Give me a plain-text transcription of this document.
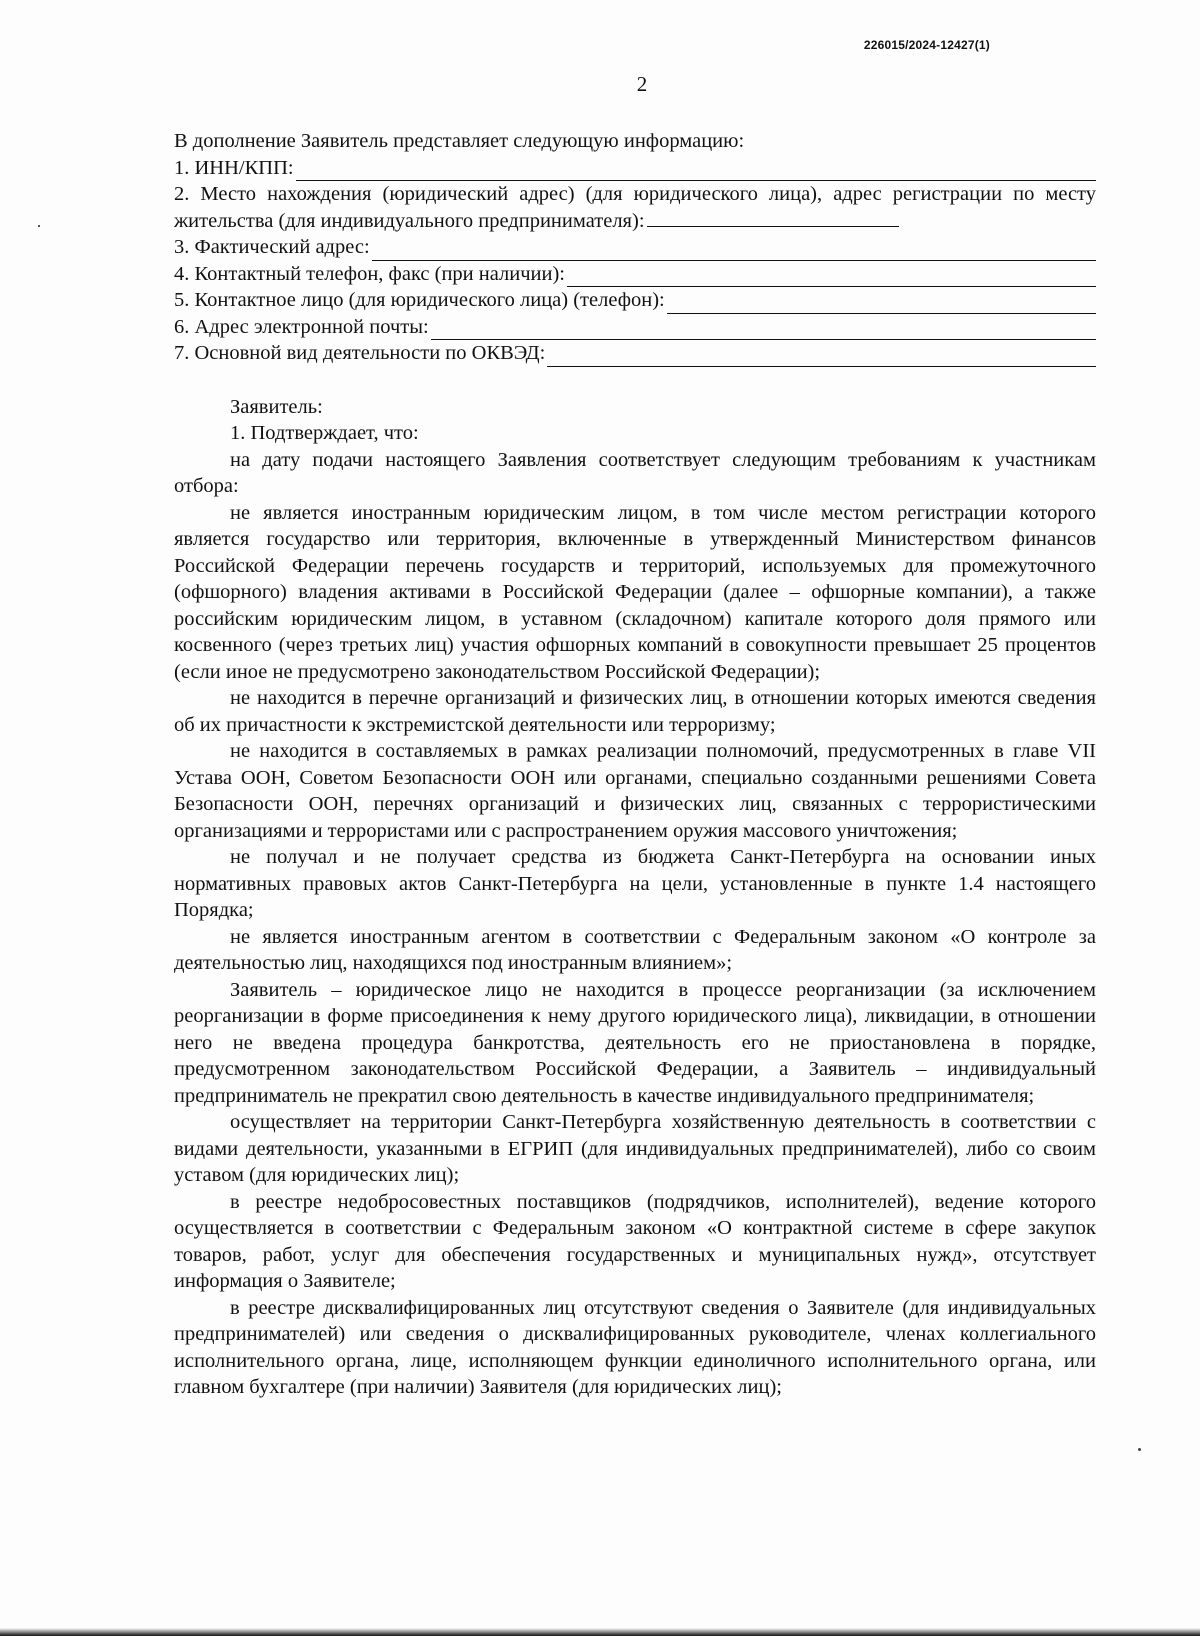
226015/2024-12427(1)
2

В дополнение Заявитель представляет следующую информацию:

1. ИНН/КПП:

2. Место нахождения (юридический адрес) (для юридического лица), адрес регистрации по месту жительства (для индивидуального предпринимателя):

3. Фактический адрес:
4. Контактный телефон, факс (при наличии):
5. Контактное лицо (для юридического лица) (телефон):
6. Адрес электронной почты:
7. Основной вид деятельности по ОКВЭД:

Заявитель:

1. Подтверждает, что:

на дату подачи настоящего Заявления соответствует следующим требованиям к участникам отбора:

не является иностранным юридическим лицом, в том числе местом регистрации которого является государство или территория, включенные в утвержденный Министерством финансов Российской Федерации перечень государств и территорий, используемых для промежуточного (офшорного) владения активами в Российской Федерации (далее – офшорные компании), а также российским юридическим лицом, в уставном (складочном) капитале которого доля прямого или косвенного (через третьих лиц) участия офшорных компаний в совокупности превышает 25 процентов (если иное не предусмотрено законодательством Российской Федерации);

не находится в перечне организаций и физических лиц, в отношении которых имеются сведения об их причастности к экстремистской деятельности или терроризму;

не находится в составляемых в рамках реализации полномочий, предусмотренных в главе VII Устава ООН, Советом Безопасности ООН или органами, специально созданными решениями Совета Безопасности ООН, перечнях организаций и физических лиц, связанных с террористическими организациями и террористами или с распространением оружия массового уничтожения;

не получал и не получает средства из бюджета Санкт-Петербурга на основании иных нормативных правовых актов Санкт-Петербурга на цели, установленные в пункте 1.4 настоящего Порядка;

не является иностранным агентом в соответствии с Федеральным законом «О контроле за деятельностью лиц, находящихся под иностранным влиянием»;

Заявитель – юридическое лицо не находится в процессе реорганизации (за исключением реорганизации в форме присоединения к нему другого юридического лица), ликвидации, в отношении него не введена процедура банкротства, деятельность его не приостановлена в порядке, предусмотренном законодательством Российской Федерации, а Заявитель – индивидуальный предприниматель не прекратил свою деятельность в качестве индивидуального предпринимателя;

осуществляет на территории Санкт-Петербурга хозяйственную деятельность в соответствии с видами деятельности, указанными в ЕГРИП (для индивидуальных предпринимателей), либо со своим уставом (для юридических лиц);

в реестре недобросовестных поставщиков (подрядчиков, исполнителей), ведение которого осуществляется в соответствии с Федеральным законом «О контрактной системе в сфере закупок товаров, работ, услуг для обеспечения государственных и муниципальных нужд», отсутствует информация о Заявителе;

в реестре дисквалифицированных лиц отсутствуют сведения о Заявителе (для индивидуальных предпринимателей) или сведения о дисквалифицированных руководителе, членах коллегиального исполнительного органа, лице, исполняющем функции единоличного исполнительного органа, или главном бухгалтере (при наличии) Заявителя (для юридических лиц);
